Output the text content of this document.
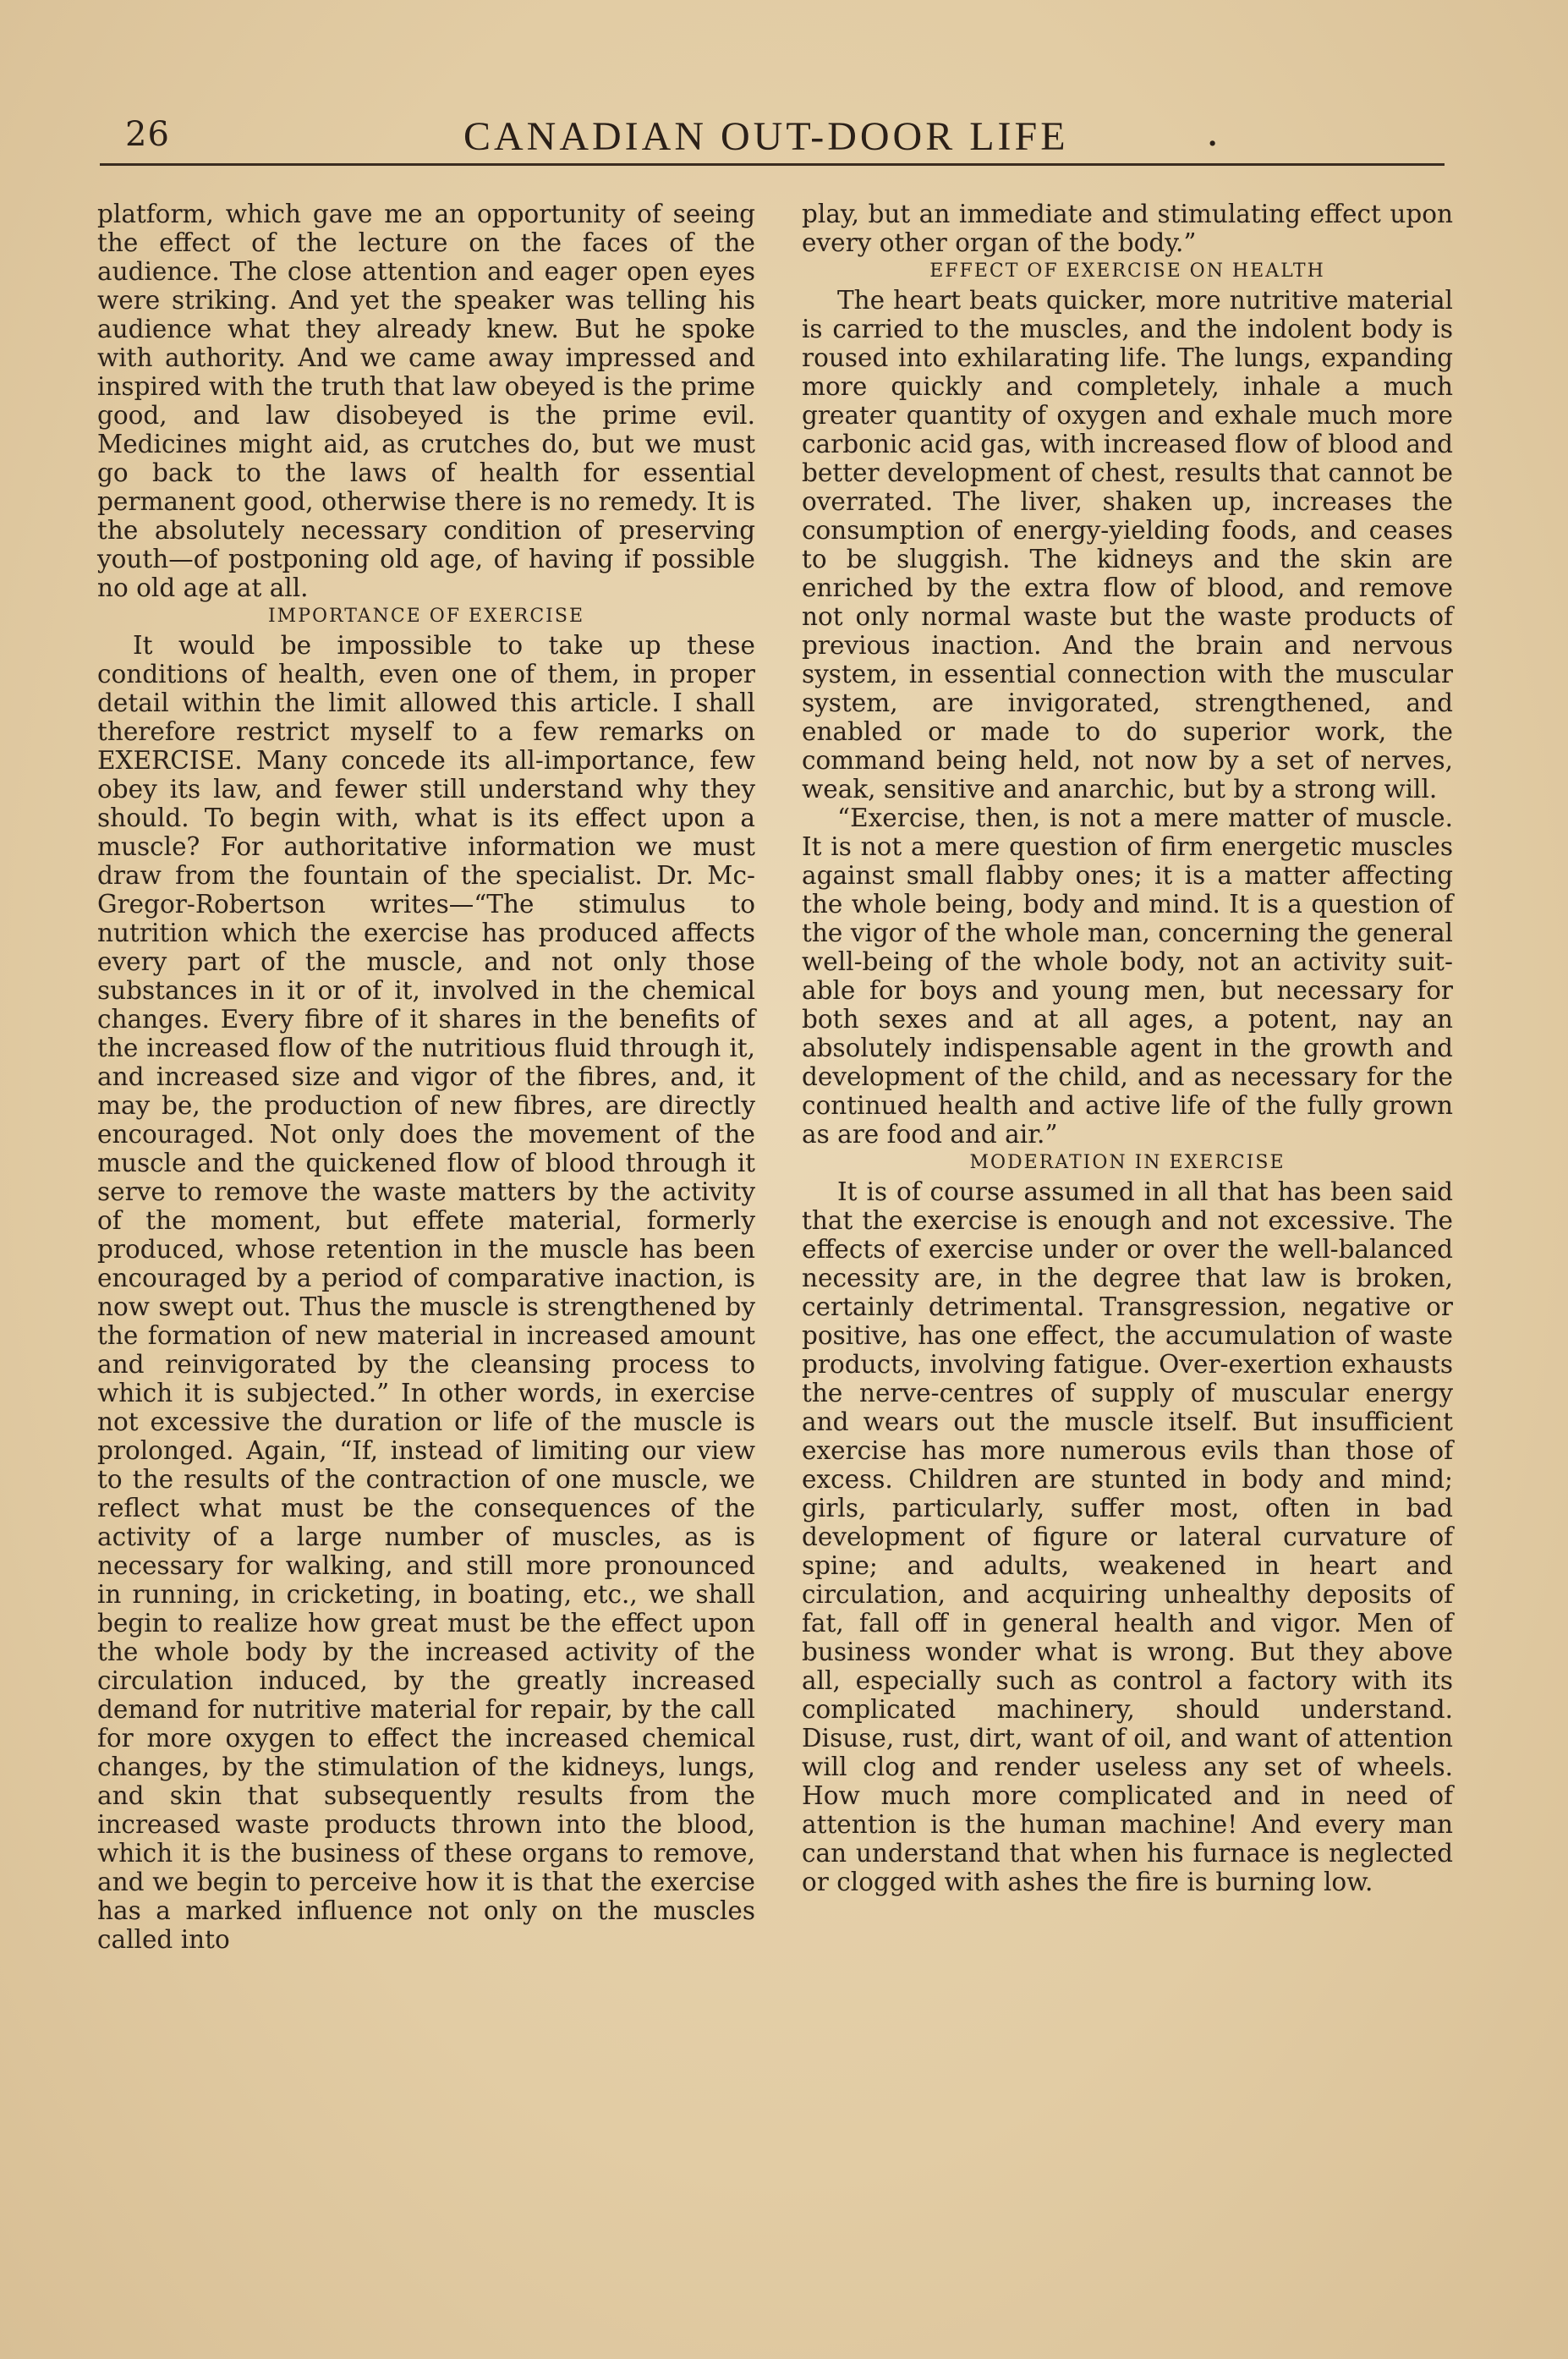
26	CANADIAN OUT-DOOR LIFE	.

platform, which gave me an opportunity of seeing the effect of the lecture on the faces of the audience. The close attention and eager open eyes were striking. And yet the speaker was telling his audience what they already knew. But he spoke with authority. And we came away impressed and inspired with the truth that law obeyed is the prime good, and law disobeyed is the prime evil. Medicines might aid, as crutches do, but we must go back to the laws of health for essential permanent good, otherwise there is no remedy. It is the absolutely necessary condition of preserving youth—of postponing old age, of having if possible no old age at all.

IMPORTANCE OF EXERCISE

It would be impossible to take up these conditions of health, even one of them, in proper detail within the limit allowed this article. I shall therefore restrict myself to a few remarks on EXERCISE. Many concede its all-importance, few obey its law, and fewer still understand why they should. To begin with, what is its effect upon a muscle? For authoritative information we must draw from the fountain of the specialist. Dr. McGregor-Robertson writes—“The stimulus to nutrition which the exercise has produced affects every part of the muscle, and not only those substances in it or of it, involved in the chemical changes. Every fibre of it shares in the benefits of the increased flow of the nutritious fluid through it, and increased size and vigor of the fibres, and, it may be, the production of new fibres, are directly encouraged. Not only does the movement of the muscle and the quickened flow of blood through it serve to remove the waste matters by the activity of the moment, but effete material, formerly produced, whose retention in the muscle has been encouraged by a period of comparative inaction, is now swept out. Thus the muscle is strengthened by the formation of new material in increased amount and reinvigorated by the cleansing process to which it is subjected.” In other words, in exercise not excessive the duration or life of the muscle is prolonged. Again, “If, instead of limiting our view to the results of the contraction of one muscle, we reflect what must be the consequences of the activity of a large number of muscles, as is necessary for walking, and still more pronounced in running, in cricketing, in boating, etc., we shall begin to realize how great must be the effect upon the whole body by the increased activity of the circulation induced, by the greatly increased demand for nutritive material for repair, by the call for more oxygen to effect the increased chemical changes, by the stimulation of the kidneys, lungs, and skin that subsequently results from the increased waste products thrown into the blood, which it is the business of these organs to remove, and we begin to perceive how it is that the exercise has a marked influence not only on the muscles called into

play, but an immediate and stimulating effect upon every other organ of the body.”

EFFECT OF EXERCISE ON HEALTH

The heart beats quicker, more nutritive material is carried to the muscles, and the indolent body is roused into exhilarating life. The lungs, expanding more quickly and completely, inhale a much greater quantity of oxygen and exhale much more carbonic acid gas, with increased flow of blood and better development of chest, results that cannot be overrated. The liver, shaken up, increases the consumption of energy-yielding foods, and ceases to be sluggish. The kidneys and the skin are enriched by the extra flow of blood, and remove not only normal waste but the waste products of previous inaction. And the brain and nervous system, in essential connection with the muscular system, are invigorated, strengthened, and enabled or made to do superior work, the command being held, not now by a set of nerves, weak, sensitive and anarchic, but by a strong will.

“Exercise, then, is not a mere matter of muscle. It is not a mere question of firm energetic muscles against small flabby ones; it is a matter affecting the whole being, body and mind. It is a question of the vigor of the whole man, concerning the general well-being of the whole body, not an activity suitable for boys and young men, but necessary for both sexes and at all ages, a potent, nay an absolutely indispensable agent in the growth and development of the child, and as necessary for the continued health and active life of the fully grown as are food and air.”

MODERATION IN EXERCISE

It is of course assumed in all that has been said that the exercise is enough and not excessive. The effects of exercise under or over the well-balanced necessity are, in the degree that law is broken, certainly detrimental. Transgression, negative or positive, has one effect, the accumulation of waste products, involving fatigue. Over-exertion exhausts the nerve-centres of supply of muscular energy and wears out the muscle itself. But insufficient exercise has more numerous evils than those of excess. Children are stunted in body and mind; girls, particularly, suffer most, often in bad development of figure or lateral curvature of spine; and adults, weakened in heart and circulation, and acquiring unhealthy deposits of fat, fall off in general health and vigor. Men of business wonder what is wrong. But they above all, especially such as control a factory with its complicated machinery, should understand. Disuse, rust, dirt, want of oil, and want of attention will clog and render useless any set of wheels. How much more complicated and in need of attention is the human machine! And every man can understand that when his furnace is neglected or clogged with ashes the fire is burning low.
